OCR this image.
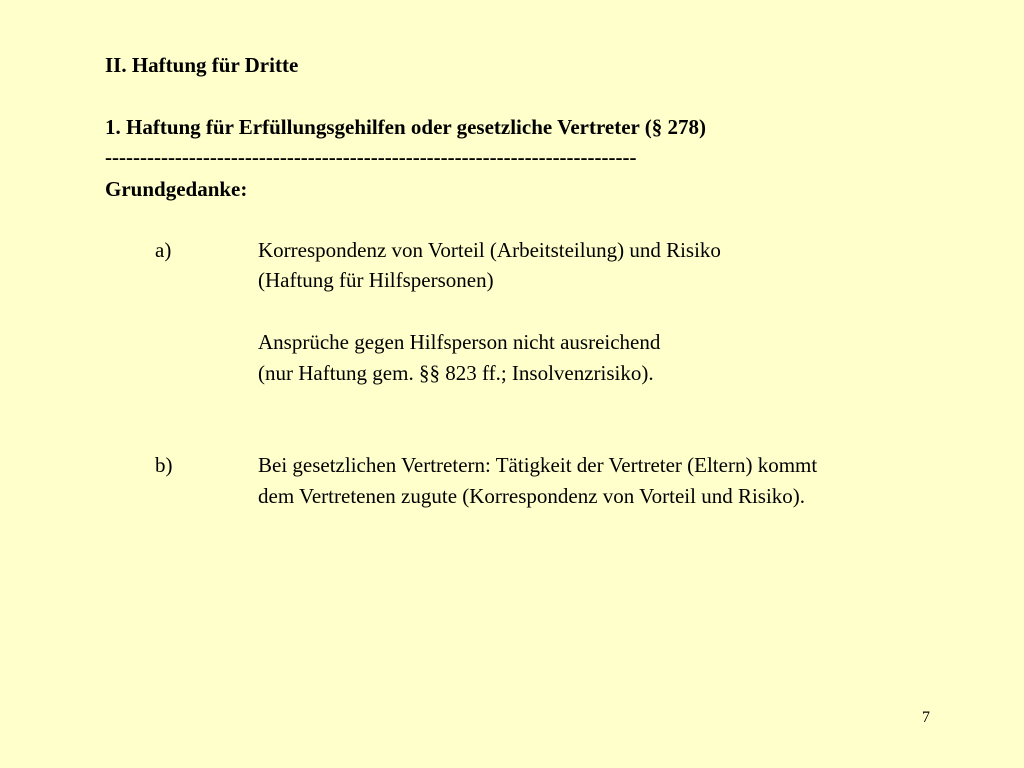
II. Haftung für Dritte
1. Haftung für Erfüllungsgehilfen oder gesetzliche Vertreter (§ 278)
----------------------------------------------------------------------------
Grundgedanke:
a)	Korrespondenz von Vorteil (Arbeitsteilung) und Risiko
(Haftung für Hilfspersonen)
Ansprüche gegen Hilfsperson nicht ausreichend
(nur Haftung gem. §§ 823 ff.; Insolvenzrisiko).
b)	Bei gesetzlichen Vertretern: Tätigkeit der Vertreter (Eltern) kommt
dem Vertretenen zugute (Korrespondenz von Vorteil und Risiko).
7
